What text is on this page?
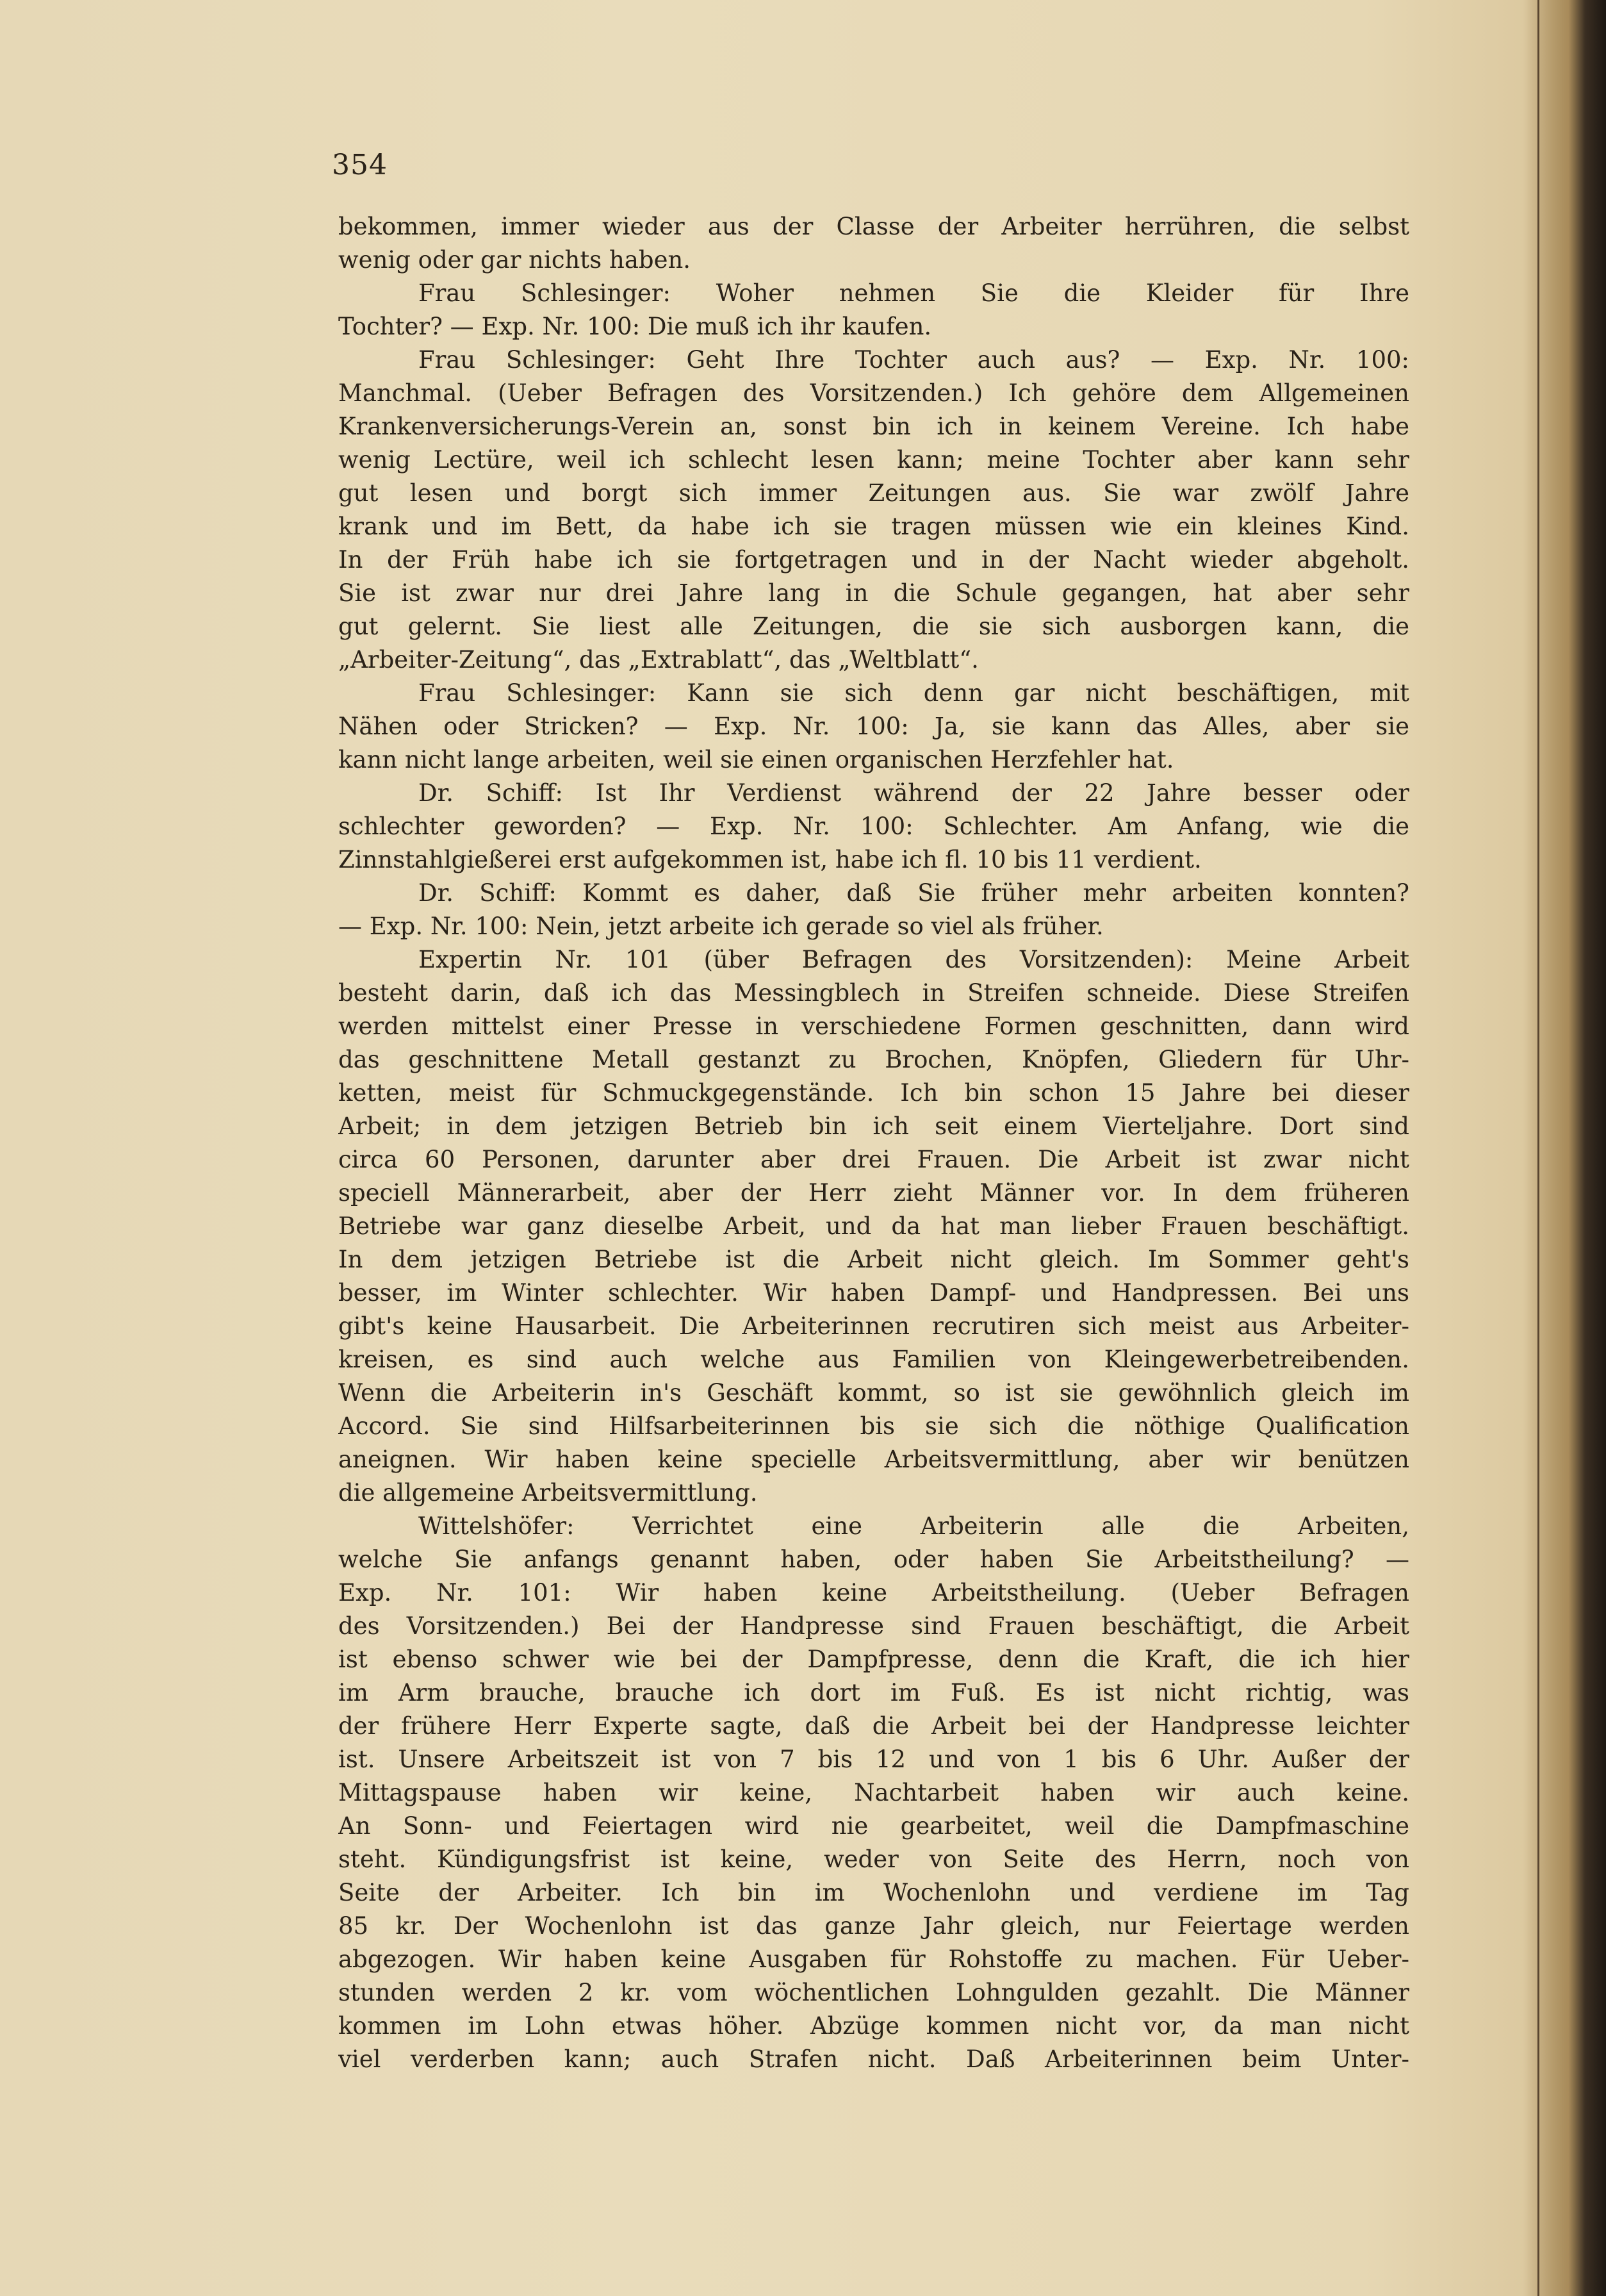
354
bekommen, immer wieder aus der Classe der Arbeiter herrühren, die selbst
wenig oder gar nichts haben.
Frau Schlesinger: Woher nehmen Sie die Kleider für Ihre
Tochter? — Exp. Nr. 100: Die muß ich ihr kaufen.
Frau Schlesinger: Geht Ihre Tochter auch aus? — Exp. Nr. 100:
Manchmal. (Ueber Befragen des Vorsitzenden.) Ich gehöre dem Allgemeinen
Krankenversicherungs-Verein an, sonst bin ich in keinem Vereine. Ich habe
wenig Lectüre, weil ich schlecht lesen kann; meine Tochter aber kann sehr
gut lesen und borgt sich immer Zeitungen aus. Sie war zwölf Jahre
krank und im Bett, da habe ich sie tragen müssen wie ein kleines Kind.
In der Früh habe ich sie fortgetragen und in der Nacht wieder abgeholt.
Sie ist zwar nur drei Jahre lang in die Schule gegangen, hat aber sehr
gut gelernt. Sie liest alle Zeitungen, die sie sich ausborgen kann, die
„Arbeiter-Zeitung“, das „Extrablatt“, das „Weltblatt“.
Frau Schlesinger: Kann sie sich denn gar nicht beschäftigen, mit
Nähen oder Stricken? — Exp. Nr. 100: Ja, sie kann das Alles, aber sie
kann nicht lange arbeiten, weil sie einen organischen Herzfehler hat.
Dr. Schiff: Ist Ihr Verdienst während der 22 Jahre besser oder
schlechter geworden? — Exp. Nr. 100: Schlechter. Am Anfang, wie die
Zinnstahlgießerei erst aufgekommen ist, habe ich fl. 10 bis 11 verdient.
Dr. Schiff: Kommt es daher, daß Sie früher mehr arbeiten konnten?
— Exp. Nr. 100: Nein, jetzt arbeite ich gerade so viel als früher.
Expertin Nr. 101 (über Befragen des Vorsitzenden): Meine Arbeit
besteht darin, daß ich das Messingblech in Streifen schneide. Diese Streifen
werden mittelst einer Presse in verschiedene Formen geschnitten, dann wird
das geschnittene Metall gestanzt zu Brochen, Knöpfen, Gliedern für Uhr-
ketten, meist für Schmuckgegenstände. Ich bin schon 15 Jahre bei dieser
Arbeit; in dem jetzigen Betrieb bin ich seit einem Vierteljahre. Dort sind
circa 60 Personen, darunter aber drei Frauen. Die Arbeit ist zwar nicht
speciell Männerarbeit, aber der Herr zieht Männer vor. In dem früheren
Betriebe war ganz dieselbe Arbeit, und da hat man lieber Frauen beschäftigt.
In dem jetzigen Betriebe ist die Arbeit nicht gleich. Im Sommer geht's
besser, im Winter schlechter. Wir haben Dampf- und Handpressen. Bei uns
gibt's keine Hausarbeit. Die Arbeiterinnen recrutiren sich meist aus Arbeiter-
kreisen, es sind auch welche aus Familien von Kleingewerbetreibenden.
Wenn die Arbeiterin in's Geschäft kommt, so ist sie gewöhnlich gleich im
Accord. Sie sind Hilfsarbeiterinnen bis sie sich die nöthige Qualification
aneignen. Wir haben keine specielle Arbeitsvermittlung, aber wir benützen
die allgemeine Arbeitsvermittlung.
Wittelshöfer: Verrichtet eine Arbeiterin alle die Arbeiten,
welche Sie anfangs genannt haben, oder haben Sie Arbeitstheilung? —
Exp. Nr. 101: Wir haben keine Arbeitstheilung. (Ueber Befragen
des Vorsitzenden.) Bei der Handpresse sind Frauen beschäftigt, die Arbeit
ist ebenso schwer wie bei der Dampfpresse, denn die Kraft, die ich hier
im Arm brauche, brauche ich dort im Fuß. Es ist nicht richtig, was
der frühere Herr Experte sagte, daß die Arbeit bei der Handpresse leichter
ist. Unsere Arbeitszeit ist von 7 bis 12 und von 1 bis 6 Uhr. Außer der
Mittagspause haben wir keine, Nachtarbeit haben wir auch keine.
An Sonn- und Feiertagen wird nie gearbeitet, weil die Dampfmaschine
steht. Kündigungsfrist ist keine, weder von Seite des Herrn, noch von
Seite der Arbeiter. Ich bin im Wochenlohn und verdiene im Tag
85 kr. Der Wochenlohn ist das ganze Jahr gleich, nur Feiertage werden
abgezogen. Wir haben keine Ausgaben für Rohstoffe zu machen. Für Ueber-
stunden werden 2 kr. vom wöchentlichen Lohngulden gezahlt. Die Männer
kommen im Lohn etwas höher. Abzüge kommen nicht vor, da man nicht
viel verderben kann; auch Strafen nicht. Daß Arbeiterinnen beim Unter-
